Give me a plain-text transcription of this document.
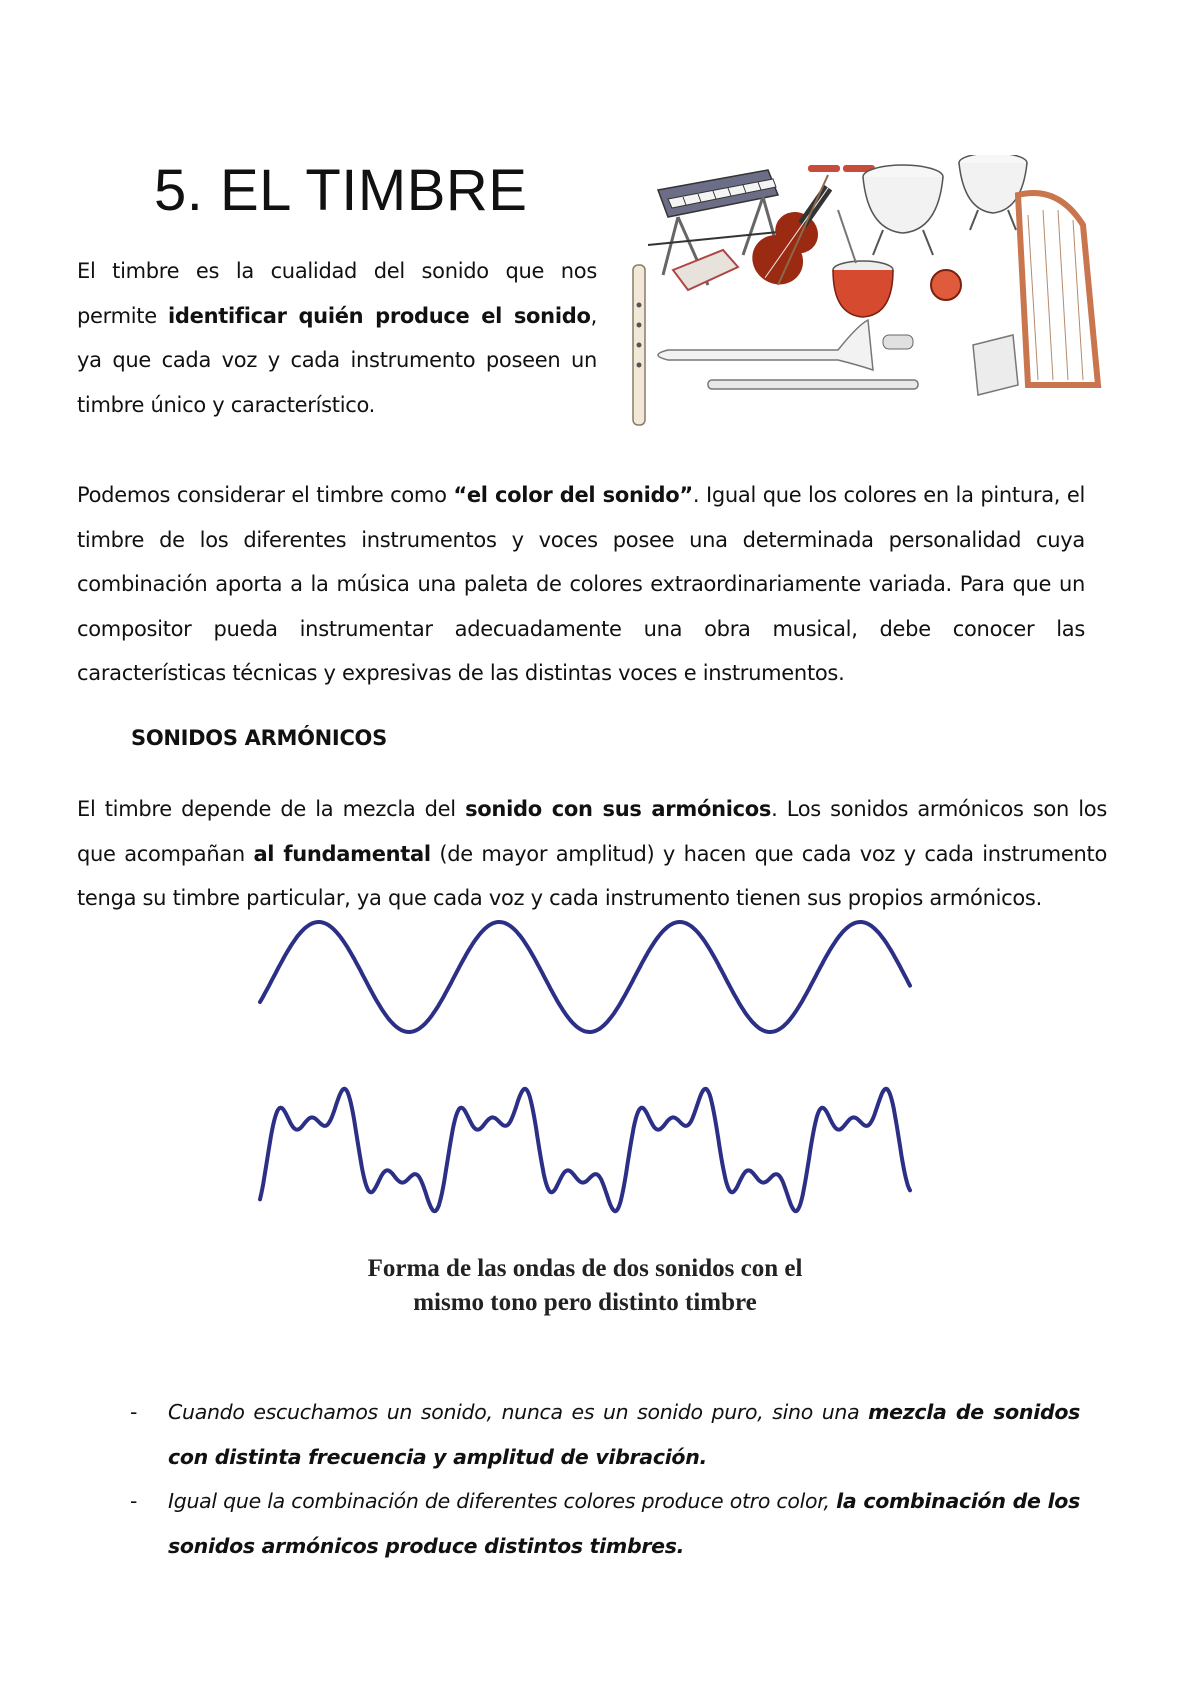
5. EL TIMBRE

El timbre es la cualidad del sonido que nos permite identificar quién produce el sonido, ya que cada voz y cada instrumento poseen un timbre único y característico.

Podemos considerar el timbre como “el color del sonido”. Igual que los colores en la pintura, el timbre de los diferentes instrumentos y voces posee una determinada personalidad cuya combinación aporta a la música una paleta de colores extraordinariamente variada. Para que un compositor pueda instrumentar adecuadamente una obra musical, debe conocer las características técnicas y expresivas de las distintas voces e instrumentos.

SONIDOS ARMÓNICOS

El timbre depende de la mezcla del sonido con sus armónicos. Los sonidos armónicos son los que acompañan al fundamental (de mayor amplitud) y hacen que cada voz y cada instrumento tenga su timbre particular, ya que cada voz y cada instrumento tienen sus propios armónicos.

Forma de las ondas de dos sonidos con el
mismo tono pero distinto timbre
- Cuando escuchamos un sonido, nunca es un sonido puro, sino una mezcla de sonidos con distinta frecuencia y amplitud de vibración.
- Igual que la combinación de diferentes colores produce otro color, la combinación de los sonidos armónicos produce distintos timbres.
